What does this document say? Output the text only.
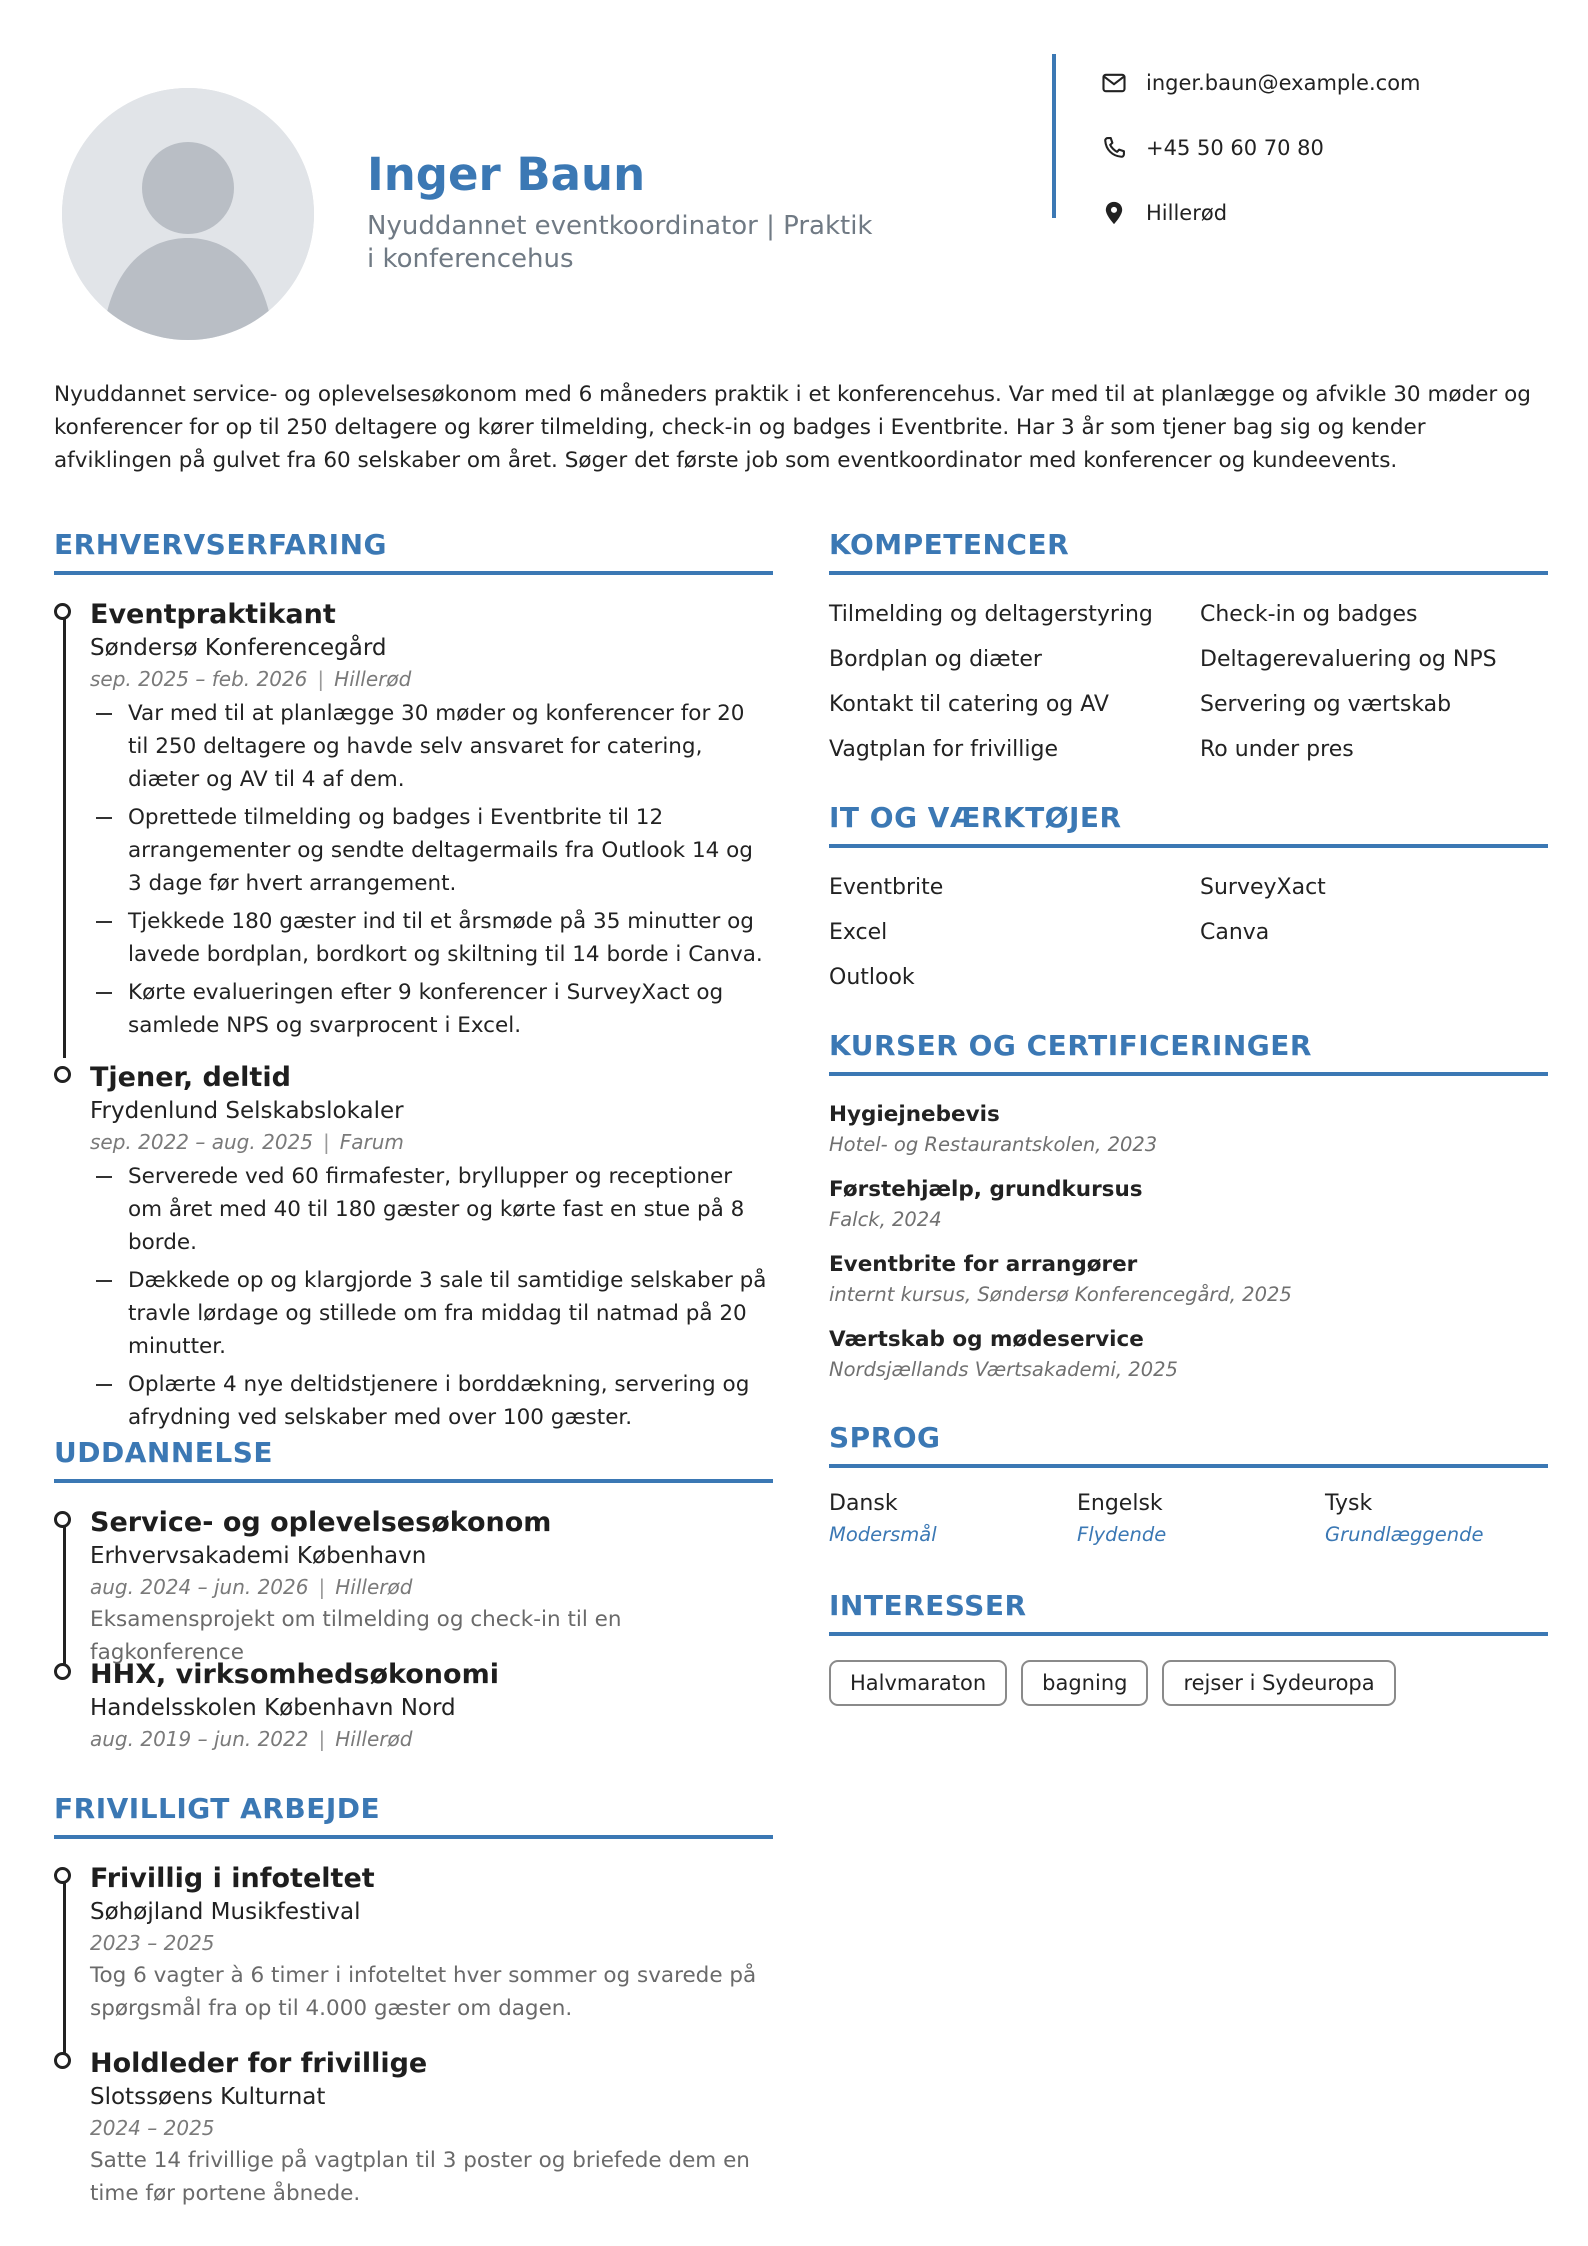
Inger Baun
Nyuddannet eventkoordinator | Praktik i konferencehus
inger.baun@example.com
+45 50 60 70 80
Hillerød

Nyuddannet service- og oplevelsesøkonom med 6 måneders praktik i et konferencehus. Var med til at planlægge og afvikle 30 møder og konferencer for op til 250 deltagere og kører tilmelding, check-in og badges i Eventbrite. Har 3 år som tjener bag sig og kender afviklingen på gulvet fra 60 selskaber om året. Søger det første job som eventkoordinator med konferencer og kundeevents.

ERHVERVSERFARING
Eventpraktikant
Søndersø Konferencegård
sep. 2025 – feb. 2026 | Hillerød
Var med til at planlægge 30 møder og konferencer for 20 til 250 deltagere og havde selv ansvaret for catering, diæter og AV til 4 af dem.
Oprettede tilmelding og badges i Eventbrite til 12 arrangementer og sendte deltagermails fra Outlook 14 og 3 dage før hvert arrangement.
Tjekkede 180 gæster ind til et årsmøde på 35 minutter og lavede bordplan, bordkort og skiltning til 14 borde i Canva.
Kørte evalueringen efter 9 konferencer i SurveyXact og samlede NPS og svarprocent i Excel.
Tjener, deltid
Frydenlund Selskabslokaler
sep. 2022 – aug. 2025 | Farum
Serverede ved 60 firmafester, bryllupper og receptioner om året med 40 til 180 gæster og kørte fast en stue på 8 borde.
Dækkede op og klargjorde 3 sale til samtidige selskaber på travle lørdage og stillede om fra middag til natmad på 20 minutter.
Oplærte 4 nye deltidstjenere i borddækning, servering og afrydning ved selskaber med over 100 gæster.
UDDANNELSE
Service- og oplevelsesøkonom
Erhvervsakademi København
aug. 2024 – jun. 2026 | Hillerød
Eksamensprojekt om tilmelding og check-in til en fagkonference
HHX, virksomhedsøkonomi
Handelsskolen København Nord
aug. 2019 – jun. 2022 | Hillerød
FRIVILLIGT ARBEJDE
Frivillig i infoteltet
Søhøjland Musikfestival
2023 – 2025
Tog 6 vagter à 6 timer i infoteltet hver sommer og svarede på spørgsmål fra op til 4.000 gæster om dagen.
Holdleder for frivillige
Slotssøens Kulturnat
2024 – 2025
Satte 14 frivillige på vagtplan til 3 poster og briefede dem en time før portene åbnede.
KOMPETENCER
Tilmelding og deltagerstyring	Check-in og badges
Bordplan og diæter	Deltagerevaluering og NPS
Kontakt til catering og AV	Servering og værtskab
Vagtplan for frivillige	Ro under pres
IT OG VÆRKTØJER
Eventbrite	SurveyXact
Excel	Canva
Outlook
KURSER OG CERTIFICERINGER
Hygiejnebevis
Hotel- og Restaurantskolen, 2023
Førstehjælp, grundkursus
Falck, 2024
Eventbrite for arrangører
internt kursus, Søndersø Konferencegård, 2025
Værtskab og mødeservice
Nordsjællands Værtsakademi, 2025
SPROG
Dansk
Modersmål
Engelsk
Flydende
Tysk
Grundlæggende
INTERESSER
Halvmaraton	bagning	rejser i Sydeuropa
